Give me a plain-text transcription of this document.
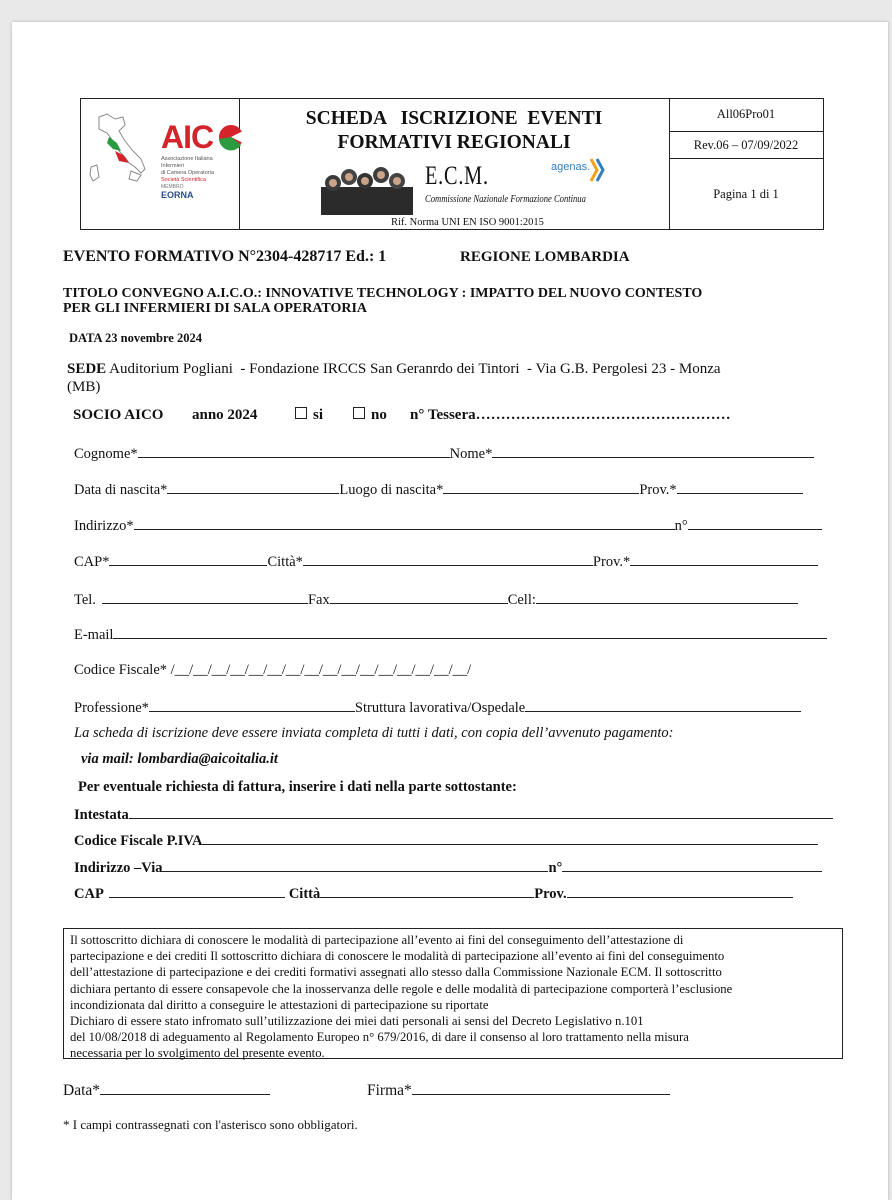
AIC
Associazione Italiana Infermieri
di Camera Operatoria
Società Scientifica
MEMBRO
EORNA
SCHEDA   ISCRIZIONE  EVENTI
FORMATIVI REGIONALI
E.C.M.
Commissione Nazionale Formazione Continua
agenas.
Rif. Norma UNI EN ISO 9001:2015
All06Pro01
Rev.06 – 07/09/2022
Pagina 1 di 1
EVENTO FORMATIVO N°2304-428717 Ed.: 1	REGIONE LOMBARDIA
TITOLO CONVEGNO A.I.C.O.: INNOVATIVE TECHNOLOGY : IMPATTO DEL NUOVO CONTESTO
PER GLI INFERMIERI DI SALA OPERATORIA
DATA 23 novembre 2024
SEDE Auditorium Pogliani  - Fondazione IRCCS San Geranrdo dei Tintori  - Via G.B. Pergolesi 23 - Monza
(MB)
SOCIO AICO anno 2024	si	no n° Tessera……………………………………………
Cognome*	Nome*
Data di nascita*	Luogo di nascita*	Prov.*
Indirizzo*	n°
CAP*	Città*	Prov.*
Tel.	Fax	Cell:
E-mail
Codice Fiscale* /__/__/__/__/__/__/__/__/__/__/__/__/__/__/__/__/
Professione*	Struttura lavorativa/Ospedale
La scheda di iscrizione deve essere inviata completa di tutti i dati, con copia dell’avvenuto pagamento:
via mail: lombardia@aicoitalia.it
Per eventuale richiesta di fattura, inserire i dati nella parte sottostante:
Intestata
Codice Fiscale P.IVA
Indirizzo –Via	n°
CAP	Città	Prov.
Il sottoscritto dichiara di conoscere le modalità di partecipazione all’evento ai fini del conseguimento dell’attestazione di
partecipazione e dei crediti Il sottoscritto dichiara di conoscere le modalità di partecipazione all’evento ai fini del conseguimento
dell’attestazione di partecipazione e dei crediti formativi assegnati allo stesso dalla Commissione Nazionale ECM. Il sottoscritto
dichiara pertanto di essere consapevole che la inosservanza delle regole e delle modalità di partecipazione comporterà l’esclusione
incondizionata dal diritto a conseguire le attestazioni di partecipazione su riportate
Dichiaro di essere stato infromato sull’utilizzazione dei miei dati personali ai sensi del Decreto Legislativo n.101
del 10/08/2018 di adeguamento al Regolamento Europeo n° 679/2016, di dare il consenso al loro trattamento nella misura
necessaria per lo svolgimento del presente evento.
Data*	Firma*
* I campi contrassegnati con l'asterisco sono obbligatori.
